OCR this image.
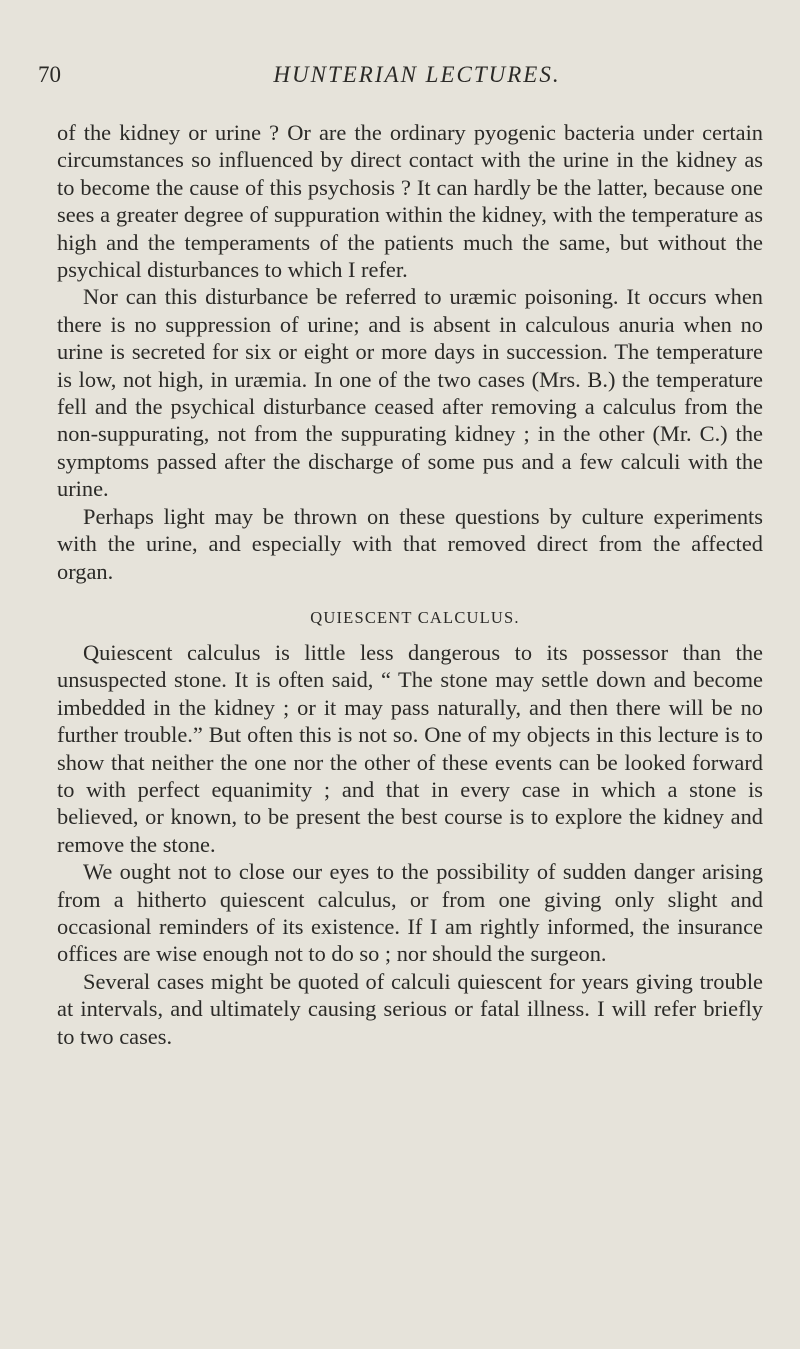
70	HUNTERIAN LECTURES.

of the kidney or urine ? Or are the ordinary pyogenic bacteria under certain circumstances so influenced by direct contact with the urine in the kidney as to become the cause of this psychosis ? It can hardly be the latter, because one sees a greater degree of suppuration within the kidney, with the temperature as high and the temperaments of the patients much the same, but without the psychical disturbances to which I refer.

Nor can this disturbance be referred to uræmic poisoning. It occurs when there is no suppression of urine; and is absent in calculous anuria when no urine is secreted for six or eight or more days in succession. The temperature is low, not high, in uræmia. In one of the two cases (Mrs. B.) the temperature fell and the psychical disturbance ceased after removing a calculus from the non-suppurating, not from the suppurating kidney ; in the other (Mr. C.) the symptoms passed after the discharge of some pus and a few calculi with the urine.

Perhaps light may be thrown on these questions by culture experiments with the urine, and especially with that removed direct from the affected organ.

QUIESCENT CALCULUS.

Quiescent calculus is little less dangerous to its possessor than the unsuspected stone. It is often said, “ The stone may settle down and become imbedded in the kidney ; or it may pass naturally, and then there will be no further trouble.” But often this is not so. One of my objects in this lecture is to show that neither the one nor the other of these events can be looked forward to with perfect equanimity ; and that in every case in which a stone is believed, or known, to be present the best course is to explore the kidney and remove the stone.

We ought not to close our eyes to the possibility of sudden danger arising from a hitherto quiescent calculus, or from one giving only slight and occasional reminders of its existence. If I am rightly informed, the insurance offices are wise enough not to do so ; nor should the surgeon.

Several cases might be quoted of calculi quiescent for years giving trouble at intervals, and ultimately causing serious or fatal illness. I will refer briefly to two cases.
